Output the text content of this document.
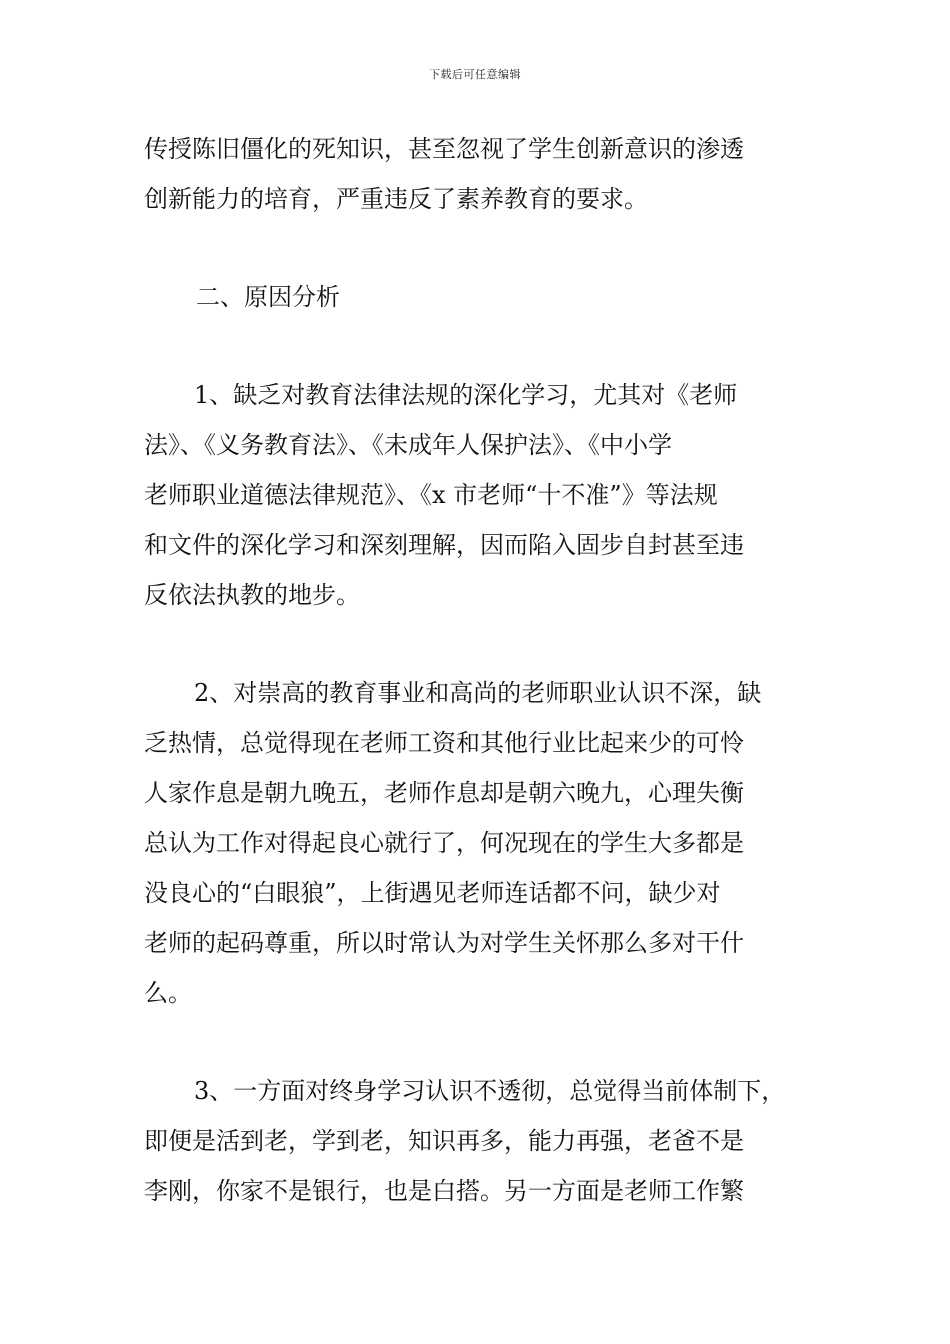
下载后可任意编辑
传授陈旧僵化的死知识，甚至忽视了学生创新意识的渗透
创新能力的培育，严重违反了素养教育的要求。
二、原因分析
1、缺乏对教育法律法规的深化学习，尤其对《老师
法》、《义务教育法》、《未成年人保护法》、《中小学
老师职业道德法律规范》、《x 市老师“十不准”》等法规
和文件的深化学习和深刻理解，因而陷入固步自封甚至违
反依法执教的地步。
2、对崇高的教育事业和高尚的老师职业认识不深，缺
乏热情，总觉得现在老师工资和其他行业比起来少的可怜
人家作息是朝九晚五，老师作息却是朝六晚九，心理失衡
总认为工作对得起良心就行了，何况现在的学生大多都是
没良心的“白眼狼”，上街遇见老师连话都不问，缺少对
老师的起码尊重，所以时常认为对学生关怀那么多对干什
么。
3、一方面对终身学习认识不透彻，总觉得当前体制下，
即便是活到老，学到老，知识再多，能力再强，老爸不是
李刚，你家不是银行，也是白搭。另一方面是老师工作繁
